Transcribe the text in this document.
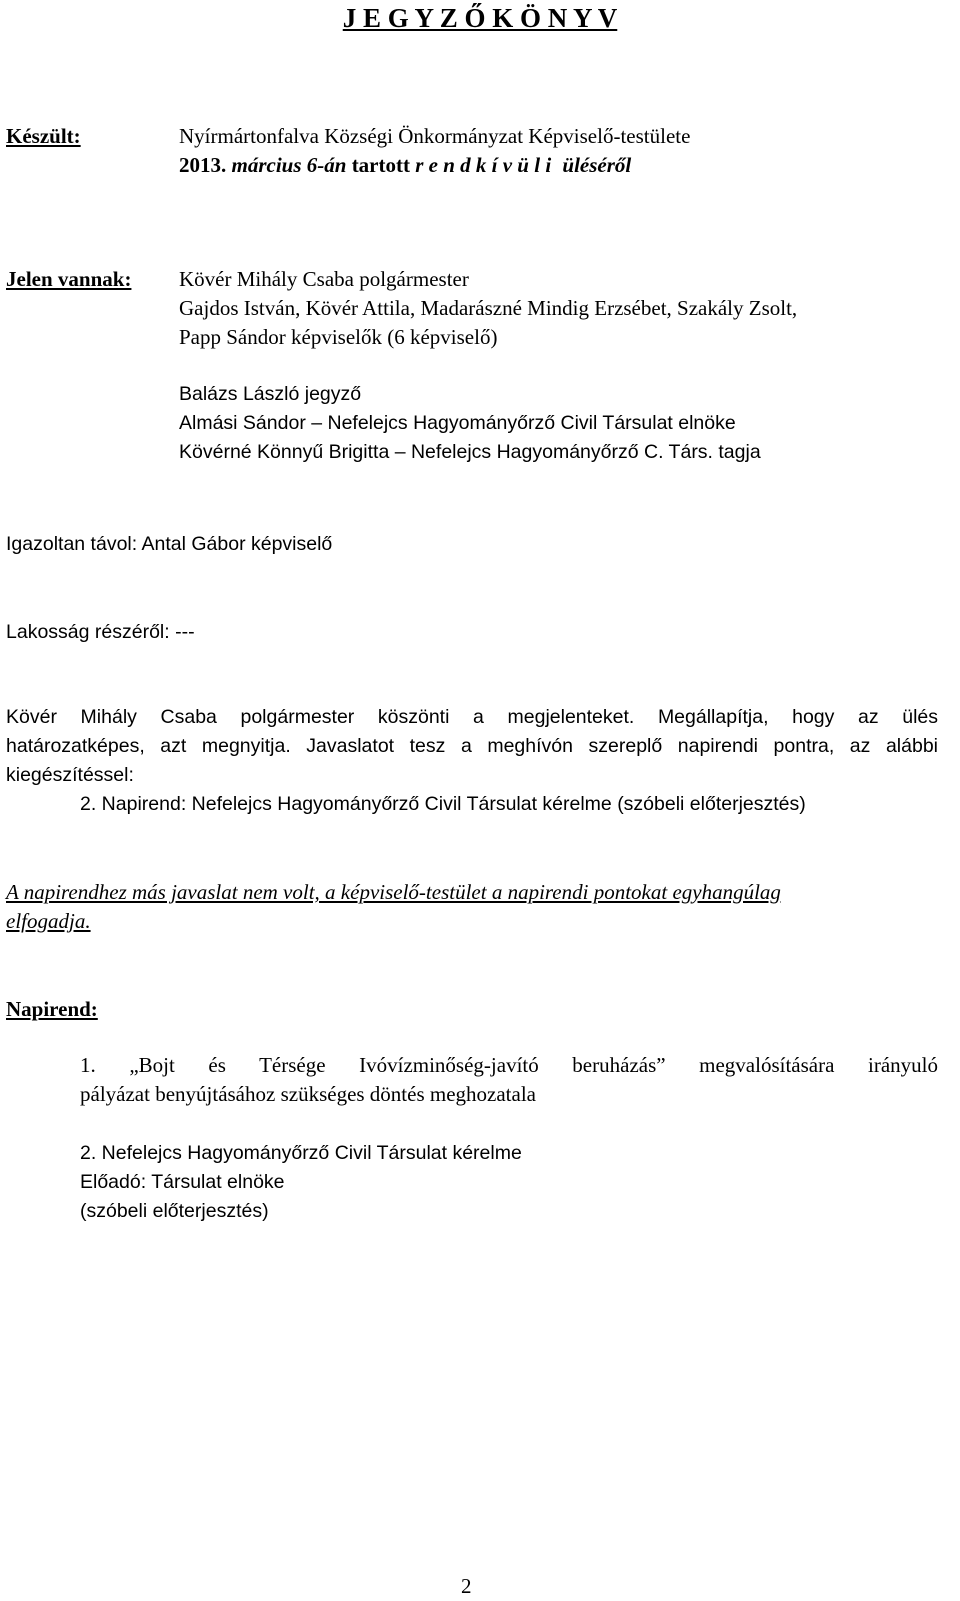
J E G Y Z Ő K Ö N Y V
Készült:	Nyírmártonfalva Községi Önkormányzat Képviselő-testülete
2013. március 6-án tartott r e n d k í v ü l i üléséről
Jelen vannak: Kövér Mihály Csaba polgármester
Gajdos István, Kövér Attila, Madarászné Mindig Erzsébet, Szakály Zsolt,
Papp Sándor képviselők (6 képviselő)
Balázs László jegyző
Almási Sándor – Nefelejcs Hagyományőrző Civil Társulat elnöke
Kövérné Könnyű Brigitta – Nefelejcs Hagyományőrző C. Társ. tagja
Igazoltan távol: Antal Gábor képviselő
Lakosság részéről: ---
Kövér Mihály Csaba polgármester köszönti a megjelenteket. Megállapítja, hogy az ülés
határozatképes, azt megnyitja. Javaslatot tesz a meghívón szereplő napirendi pontra, az alábbi
kiegészítéssel:
2. Napirend: Nefelejcs Hagyományőrző Civil Társulat kérelme (szóbeli előterjesztés)
A napirendhez más javaslat nem volt, a képviselő-testület a napirendi pontokat egyhangúlag
elfogadja.
Napirend:
1. „Bojt és Térsége Ivóvízminőség-javító beruházás” megvalósítására irányuló
pályázat benyújtásához szükséges döntés meghozatala
2. Nefelejcs Hagyományőrző Civil Társulat kérelme
Előadó: Társulat elnöke
(szóbeli előterjesztés)
2
